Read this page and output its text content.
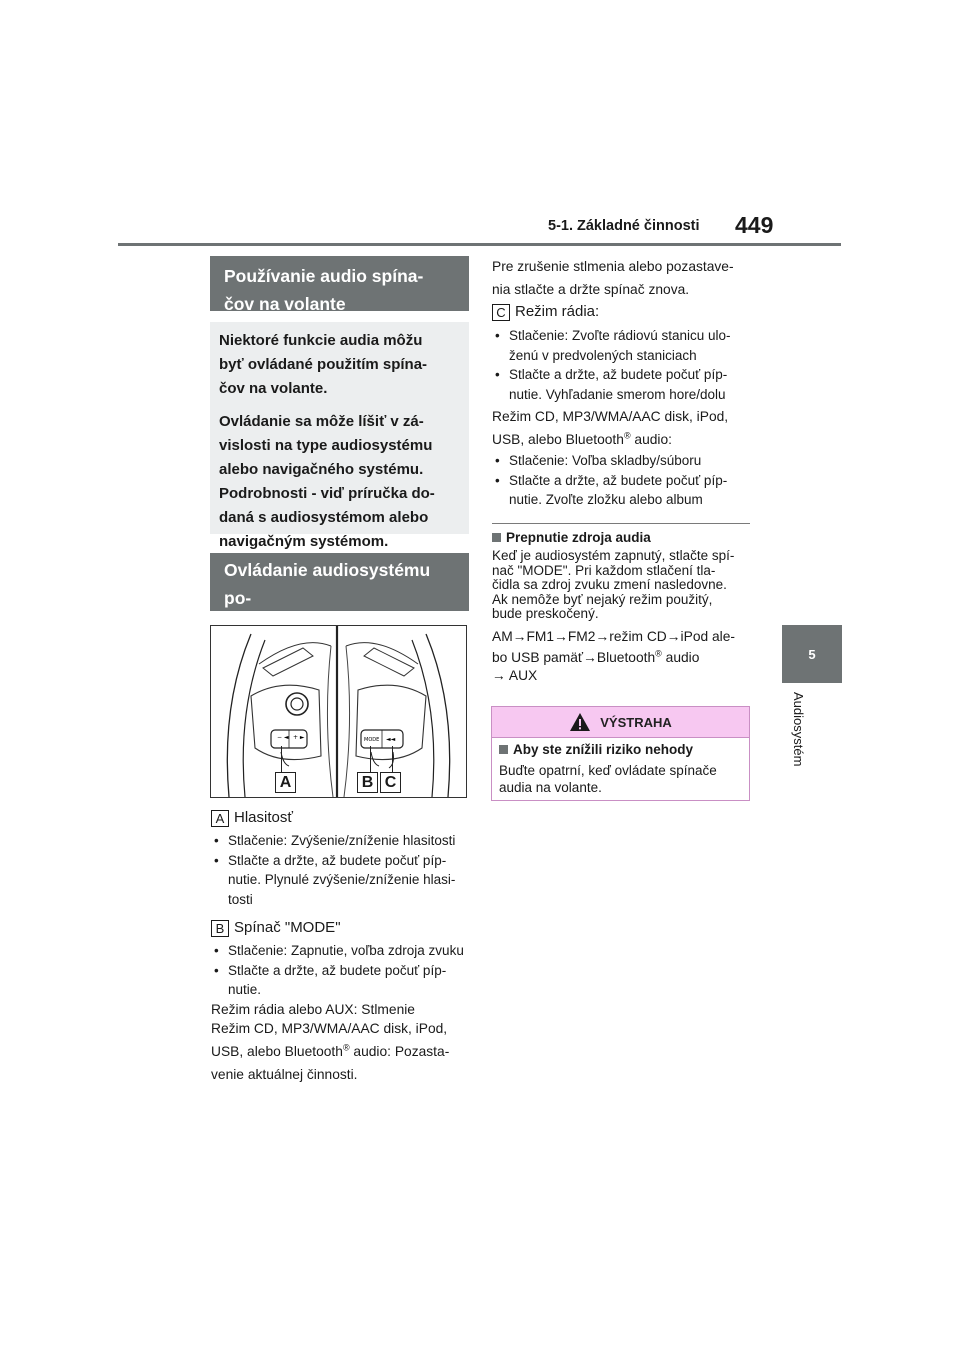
5-1. Základné činnosti 449
5
Audiosystém
Používanie audio spína-
čov na volante

Niektoré funkcie audia môžu
byť ovládané použitím spína-
čov na volante.

Ovládanie sa môže líšiť v zá-
vislosti na type audiosystému
alebo navigačného systému.
Podrobnosti - viď príručka do-
daná s audiosystémom alebo
navigačným systémom.

Ovládanie audiosystému po-
− ◄ + ►	MODE ◄◄
A	B C
A Hlasitosť
• Stlačenie: Zvýšenie/zníženie hlasitosti
• Stlačte a držte, až budete počuť píp-
nutie. Plynulé zvýšenie/zníženie hlasi-
tosti
B Spínač "MODE"
• Stlačenie: Zapnutie, voľba zdroja zvuku
• Stlačte a držte, až budete počuť píp-
nutie.
Režim rádia alebo AUX: Stlmenie
Režim CD, MP3/WMA/AAC disk, iPod,
USB, alebo Bluetooth® audio: Pozasta-
venie aktuálnej činnosti.
Pre zrušenie stlmenia alebo pozastave-
nia stlačte a držte spínač znova.
C Režim rádia:
• Stlačenie: Zvoľte rádiovú stanicu ulo-
ženú v predvolených staniciach
• Stlačte a držte, až budete počuť píp-
nutie. Vyhľadanie smerom hore/dolu
Režim CD, MP3/WMA/AAC disk, iPod,
USB, alebo Bluetooth® audio:
• Stlačenie: Voľba skladby/súboru
• Stlačte a držte, až budete počuť píp-
nutie. Zvoľte zložku alebo album
Prepnutie zdroja audia
Keď je audiosystém zapnutý, stlačte spí-
nač "MODE". Pri každom stlačení tla-
čidla sa zdroj zvuku zmení nasledovne.
Ak nemôže byť nejaký režim použitý,
bude preskočený.
AM→FM1→FM2→režim CD→iPod ale-
bo USB pamäť→Bluetooth® audio
→ AUX
VÝSTRAHA
Aby ste znížili riziko nehody
Buďte opatrní, keď ovládate spínače
audia na volante.
